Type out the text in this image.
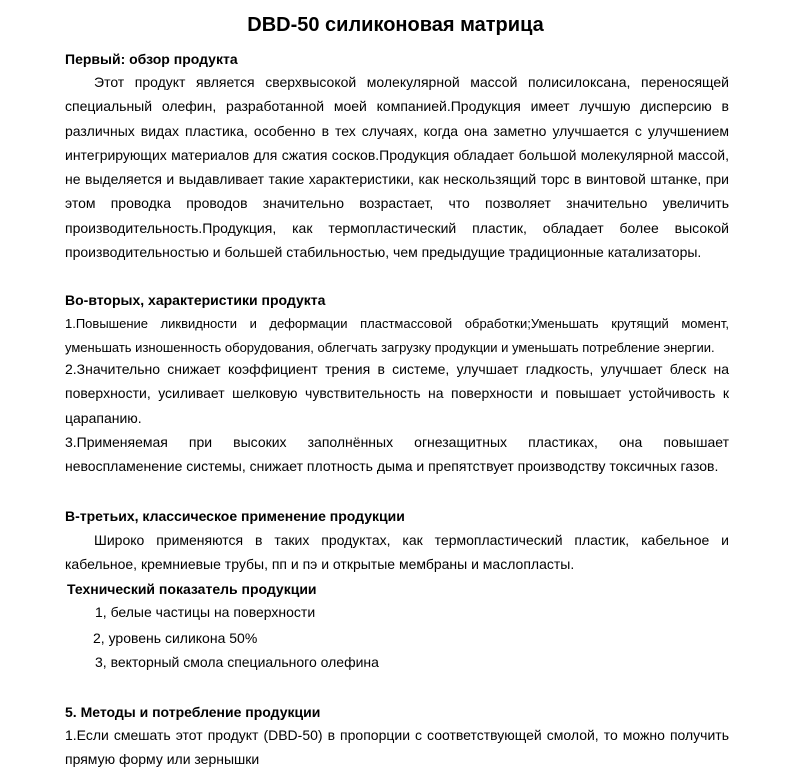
DBD-50 силиконовая матрица
Первый: обзор продукта

Этот продукт является сверхвысокой молекулярной массой полисилоксана, переносящей специальный олефин, разработанной моей компанией.Продукция имеет лучшую дисперсию в различных видах пластика, особенно в тех случаях, когда она заметно улучшается с улучшением интегрирующих материалов для сжатия сосков.Продукция обладает большой молекулярной массой, не выделяется и выдавливает такие характеристики, как нескользящий торс в винтовой штанке, при этом проводка проводов значительно возрастает, что позволяет значительно увеличить производительность.Продукция, как термопластический пластик, обладает более высокой производительностью и большей стабильностью, чем предыдущие традиционные катализаторы.

Во-вторых, характеристики продукта

1.Повышение ликвидности и деформации пластмассовой обработки;Уменьшать крутящий момент, уменьшать изношенность оборудования, облегчать загрузку продукции и уменьшать потребление энергии.

2.Значительно снижает коэффициент трения в системе, улучшает гладкость, улучшает блеск на поверхности, усиливает шелковую чувствительность на поверхности и повышает устойчивость к царапанию.

3.Применяемая при высоких заполнённых огнезащитных пластиках, она повышает невоспламенение системы, снижает плотность дыма и препятствует производству токсичных газов.

В-третьих, классическое применение продукции

Широко применяются в таких продуктах, как термопластический пластик, кабельное и кабельное, кремниевые трубы, пп и пэ и открытые мембраны и маслопласты.

Технический показатель продукции
1, белые частицы на поверхности
2, уровень силикона 50%
3, векторный смола специального олефина
5. Методы и потребление продукции

1.Если смешать этот продукт (DBD-50) в пропорции с соответствующей смолой, то можно получить прямую форму или зернышки
